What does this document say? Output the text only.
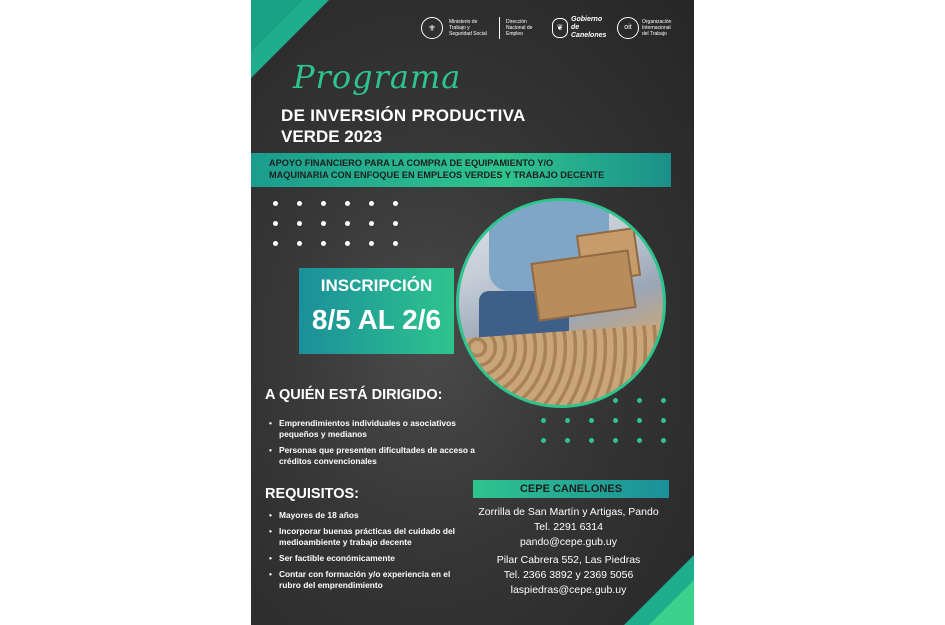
⚜
Ministerio de Trabajo y Seguridad Social
Dirección Nacional de Empleo
❦
Gobierno de Canelones
oit
Organización Internacional del Trabajo
Programa
DE INVERSIÓN PRODUCTIVA
VERDE 2023
APOYO FINANCIERO PARA LA COMPRA DE EQUIPAMIENTO Y/O
MAQUINARIA CON ENFOQUE EN EMPLEOS VERDES Y TRABAJO DECENTE
INSCRIPCIÓN
8/5 AL 2/6
A QUIÉN ESTÁ DIRIGIDO:
• Emprendimientos individuales o asociativos pequeños y medianos
• Personas que presenten dificultades de acceso a créditos convencionales
REQUISITOS:
• Mayores de 18 años
• Incorporar buenas prácticas del cuidado del medioambiente y trabajo decente
• Ser factible económicamente
• Contar con formación y/o experiencia en el rubro del emprendimiento
CEPE CANELONES
Zorrilla de San Martín y Artigas, Pando
Tel. 2291 6314
pando@cepe.gub.uy
Pilar Cabrera 552, Las Piedras
Tel. 2366 3892 y 2369 5056
laspiedras@cepe.gub.uy
